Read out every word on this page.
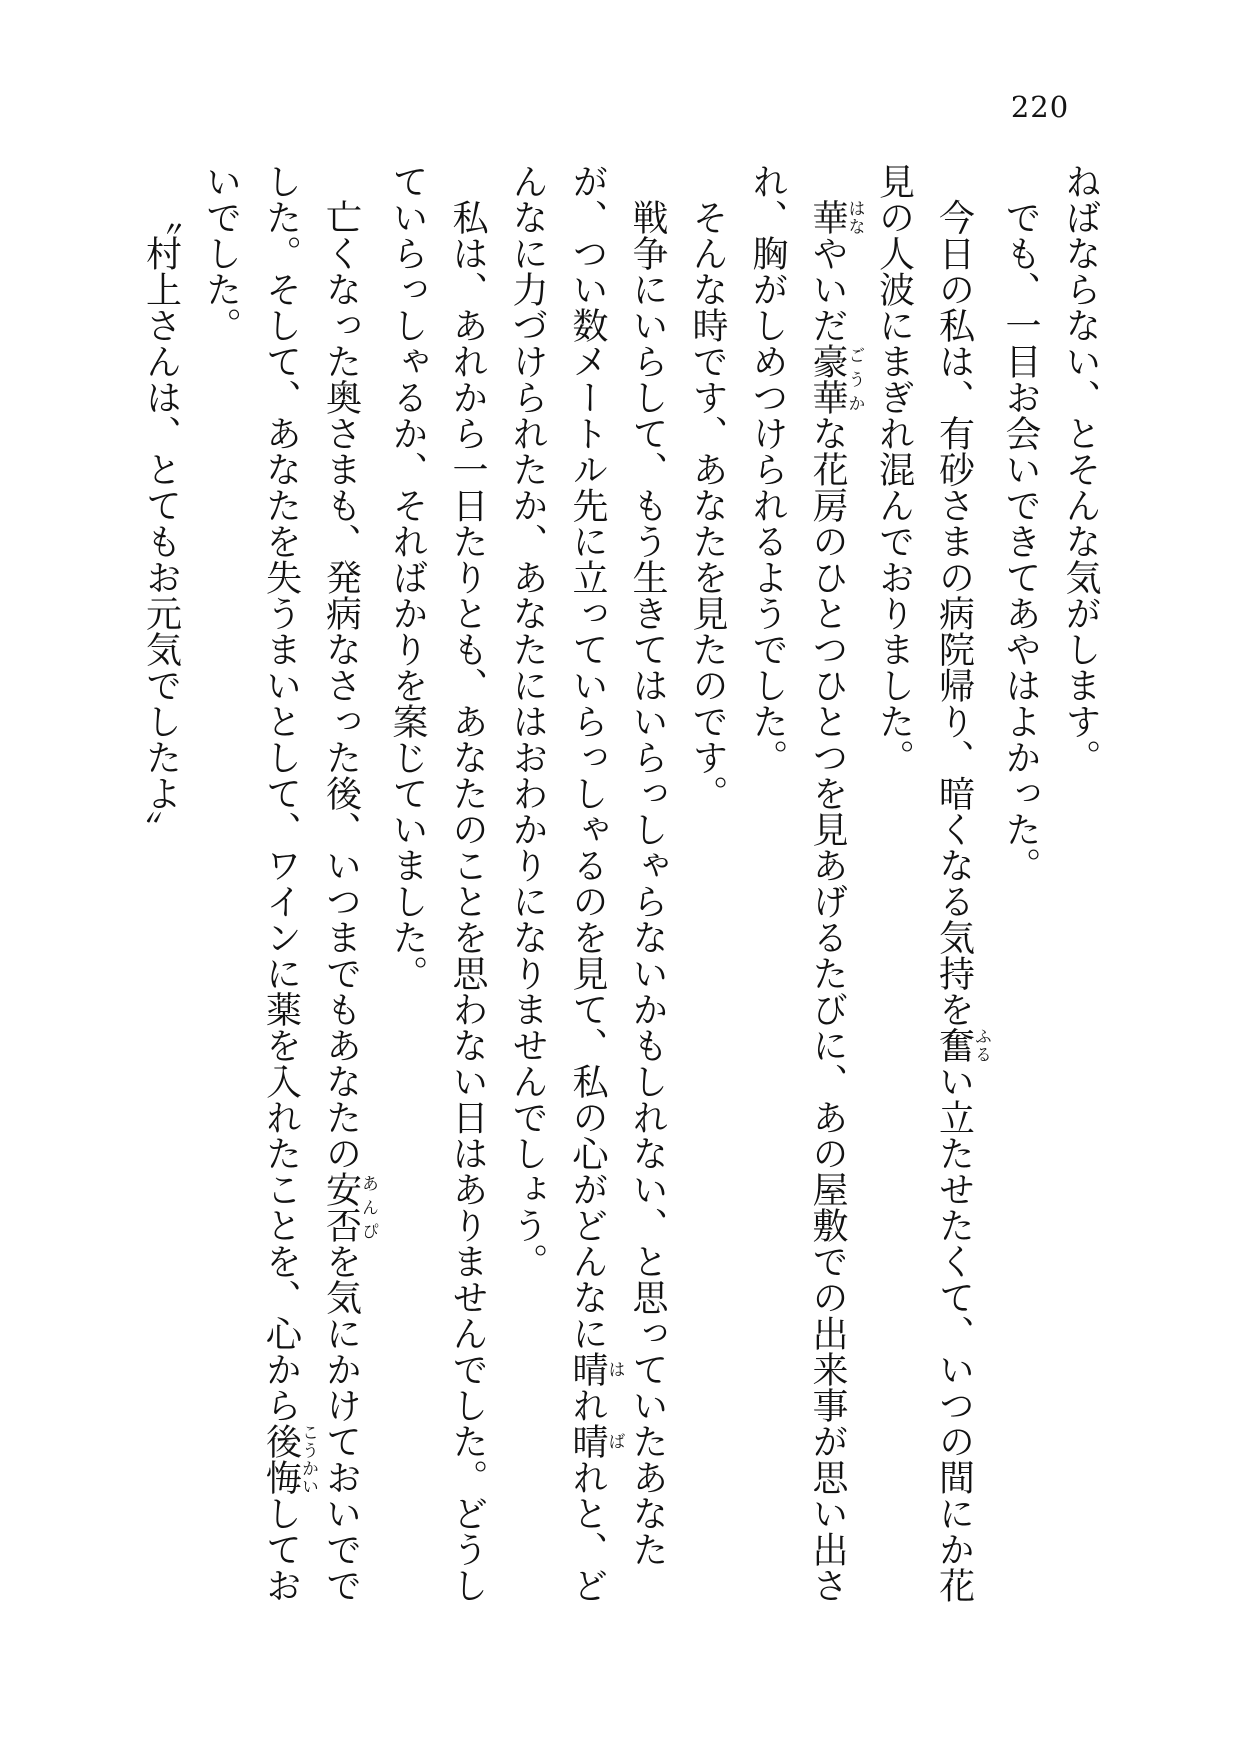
220

ねばならない、とそんな気がします。

でも、一目お会いできてあやはよかった。

今日の私は、有砂さまの病院帰り、暗くなる気持を奮ふるい立たせたくて、いつの間にか花見の人波にまぎれ混んでおりました。

華はなやいだ豪華ごうかな花房のひとつひとつを見あげるたびに、あの屋敷での出来事が思い出され、胸がしめつけられるようでした。

そんな時です、あなたを見たのです。

戦争にいらして、もう生きてはいらっしゃらないかもしれない、と思っていたあなたが、つい数メートル先に立っていらっしゃるのを見て、私の心がどんなに晴はれ晴ばれと、どんなに力づけられたか、あなたにはおわかりになりませんでしょう。

私は、あれから一日たりとも、あなたのことを思わない日はありませんでした。どうしていらっしゃるか、そればかりを案じていました。

亡くなった奥さまも、発病なさった後、いつまでもあなたの安否あんぴを気にかけておいででした。そして、あなたを失うまいとして、ワインに薬を入れたことを、心から後悔こうかいしておいでした。

〝村上さんは、とてもお元気でしたよ〟
